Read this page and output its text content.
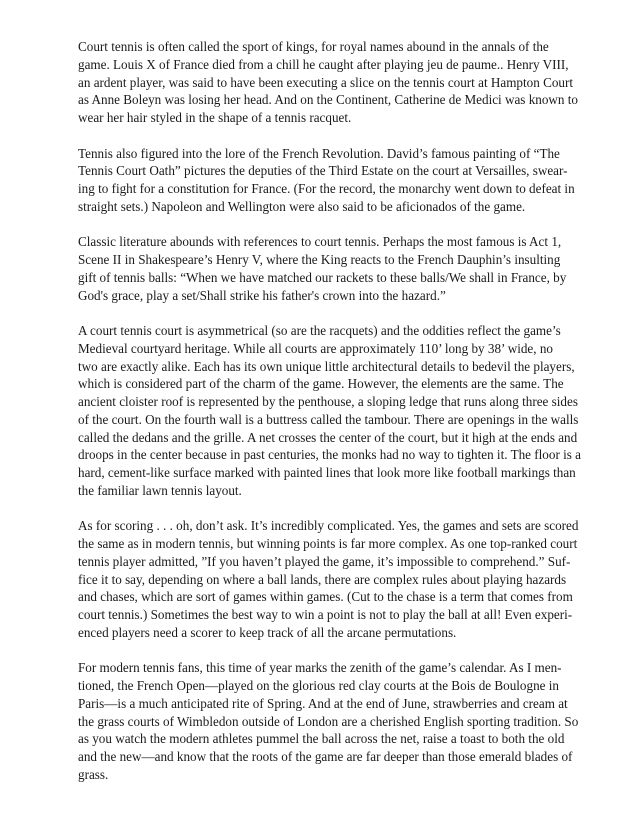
Court tennis is often called the sport of kings, for royal names abound in the annals of the
game. Louis X of France died from a chill he caught after playing jeu de paume.. Henry VIII,
an ardent player, was said to have been executing a slice on the tennis court at Hampton Court
as Anne Boleyn was losing her head. And on the Continent, Catherine de Medici was known to
wear her hair styled in the shape of a tennis racquet.

Tennis also figured into the lore of the French Revolution. David’s famous painting of “The
Tennis Court Oath” pictures the deputies of the Third Estate on the court at Versailles, swear-
ing to fight for a constitution for France. (For the record, the monarchy went down to defeat in
straight sets.) Napoleon and Wellington were also said to be aficionados of the game.

Classic literature abounds with references to court tennis. Perhaps the most famous is Act 1,
Scene II in Shakespeare’s Henry V, where the King reacts to the French Dauphin’s insulting
gift of tennis balls: “When we have matched our rackets to these balls/We shall in France, by
God's grace, play a set/Shall strike his father's crown into the hazard.”

A court tennis court is asymmetrical (so are the racquets) and the oddities reflect the game’s
Medieval courtyard heritage. While all courts are approximately 110’ long by 38’ wide, no
two are exactly alike. Each has its own unique little architectural details to bedevil the players,
which is considered part of the charm of the game. However, the elements are the same. The
ancient cloister roof is represented by the penthouse, a sloping ledge that runs along three sides
of the court. On the fourth wall is a buttress called the tambour. There are openings in the walls
called the dedans and the grille. A net crosses the center of the court, but it high at the ends and
droops in the center because in past centuries, the monks had no way to tighten it. The floor is a
hard, cement-like surface marked with painted lines that look more like football markings than
the familiar lawn tennis layout.

As for scoring . . . oh, don’t ask. It’s incredibly complicated. Yes, the games and sets are scored
the same as in modern tennis, but winning points is far more complex. As one top-ranked court
tennis player admitted, ”If you haven’t played the game, it’s impossible to comprehend.” Suf-
fice it to say, depending on where a ball lands, there are complex rules about playing hazards
and chases, which are sort of games within games. (Cut to the chase is a term that comes from
court tennis.) Sometimes the best way to win a point is not to play the ball at all! Even experi-
enced players need a scorer to keep track of all the arcane permutations.

For modern tennis fans, this time of year marks the zenith of the game’s calendar. As I men-
tioned, the French Open—played on the glorious red clay courts at the Bois de Boulogne in
Paris—is a much anticipated rite of Spring. And at the end of June, strawberries and cream at
the grass courts of Wimbledon outside of London are a cherished English sporting tradition. So
as you watch the modern athletes pummel the ball across the net, raise a toast to both the old
and the new—and know that the roots of the game are far deeper than those emerald blades of
grass.
